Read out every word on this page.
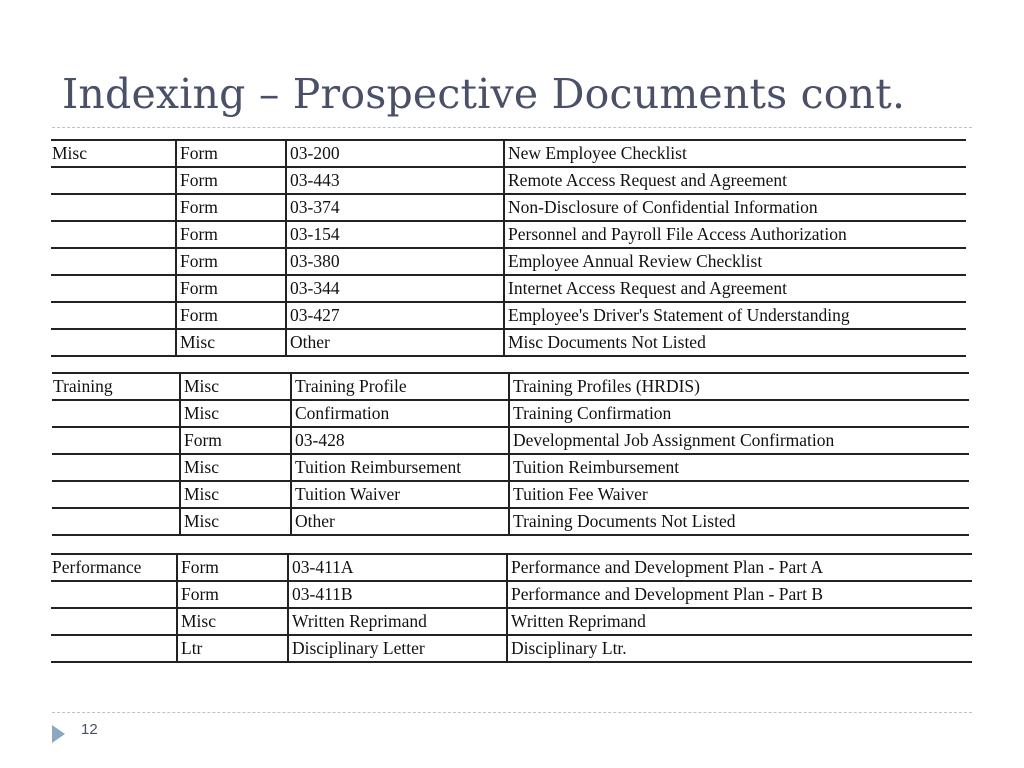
Indexing – Prospective Documents cont.
Misc	Form	03-200	New Employee Checklist
	Form	03-443	Remote Access Request and Agreement
	Form	03-374	Non-Disclosure of Confidential Information
	Form	03-154	Personnel and Payroll File Access Authorization
	Form	03-380	Employee Annual Review Checklist
	Form	03-344	Internet Access Request and Agreement
	Form	03-427	Employee's Driver's Statement of Understanding
	Misc	Other	Misc Documents Not Listed
Training	Misc	Training Profile	Training Profiles (HRDIS)
	Misc	Confirmation	Training Confirmation
	Form	03-428	Developmental Job Assignment Confirmation
	Misc	Tuition Reimbursement	Tuition Reimbursement
	Misc	Tuition Waiver	Tuition Fee Waiver
	Misc	Other	Training Documents Not Listed
Performance	Form	03-411A	Performance and Development Plan - Part A
	Form	03-411B	Performance and Development Plan - Part B
	Misc	Written Reprimand	Written Reprimand
	Ltr	Disciplinary Letter	Disciplinary Ltr.
12
